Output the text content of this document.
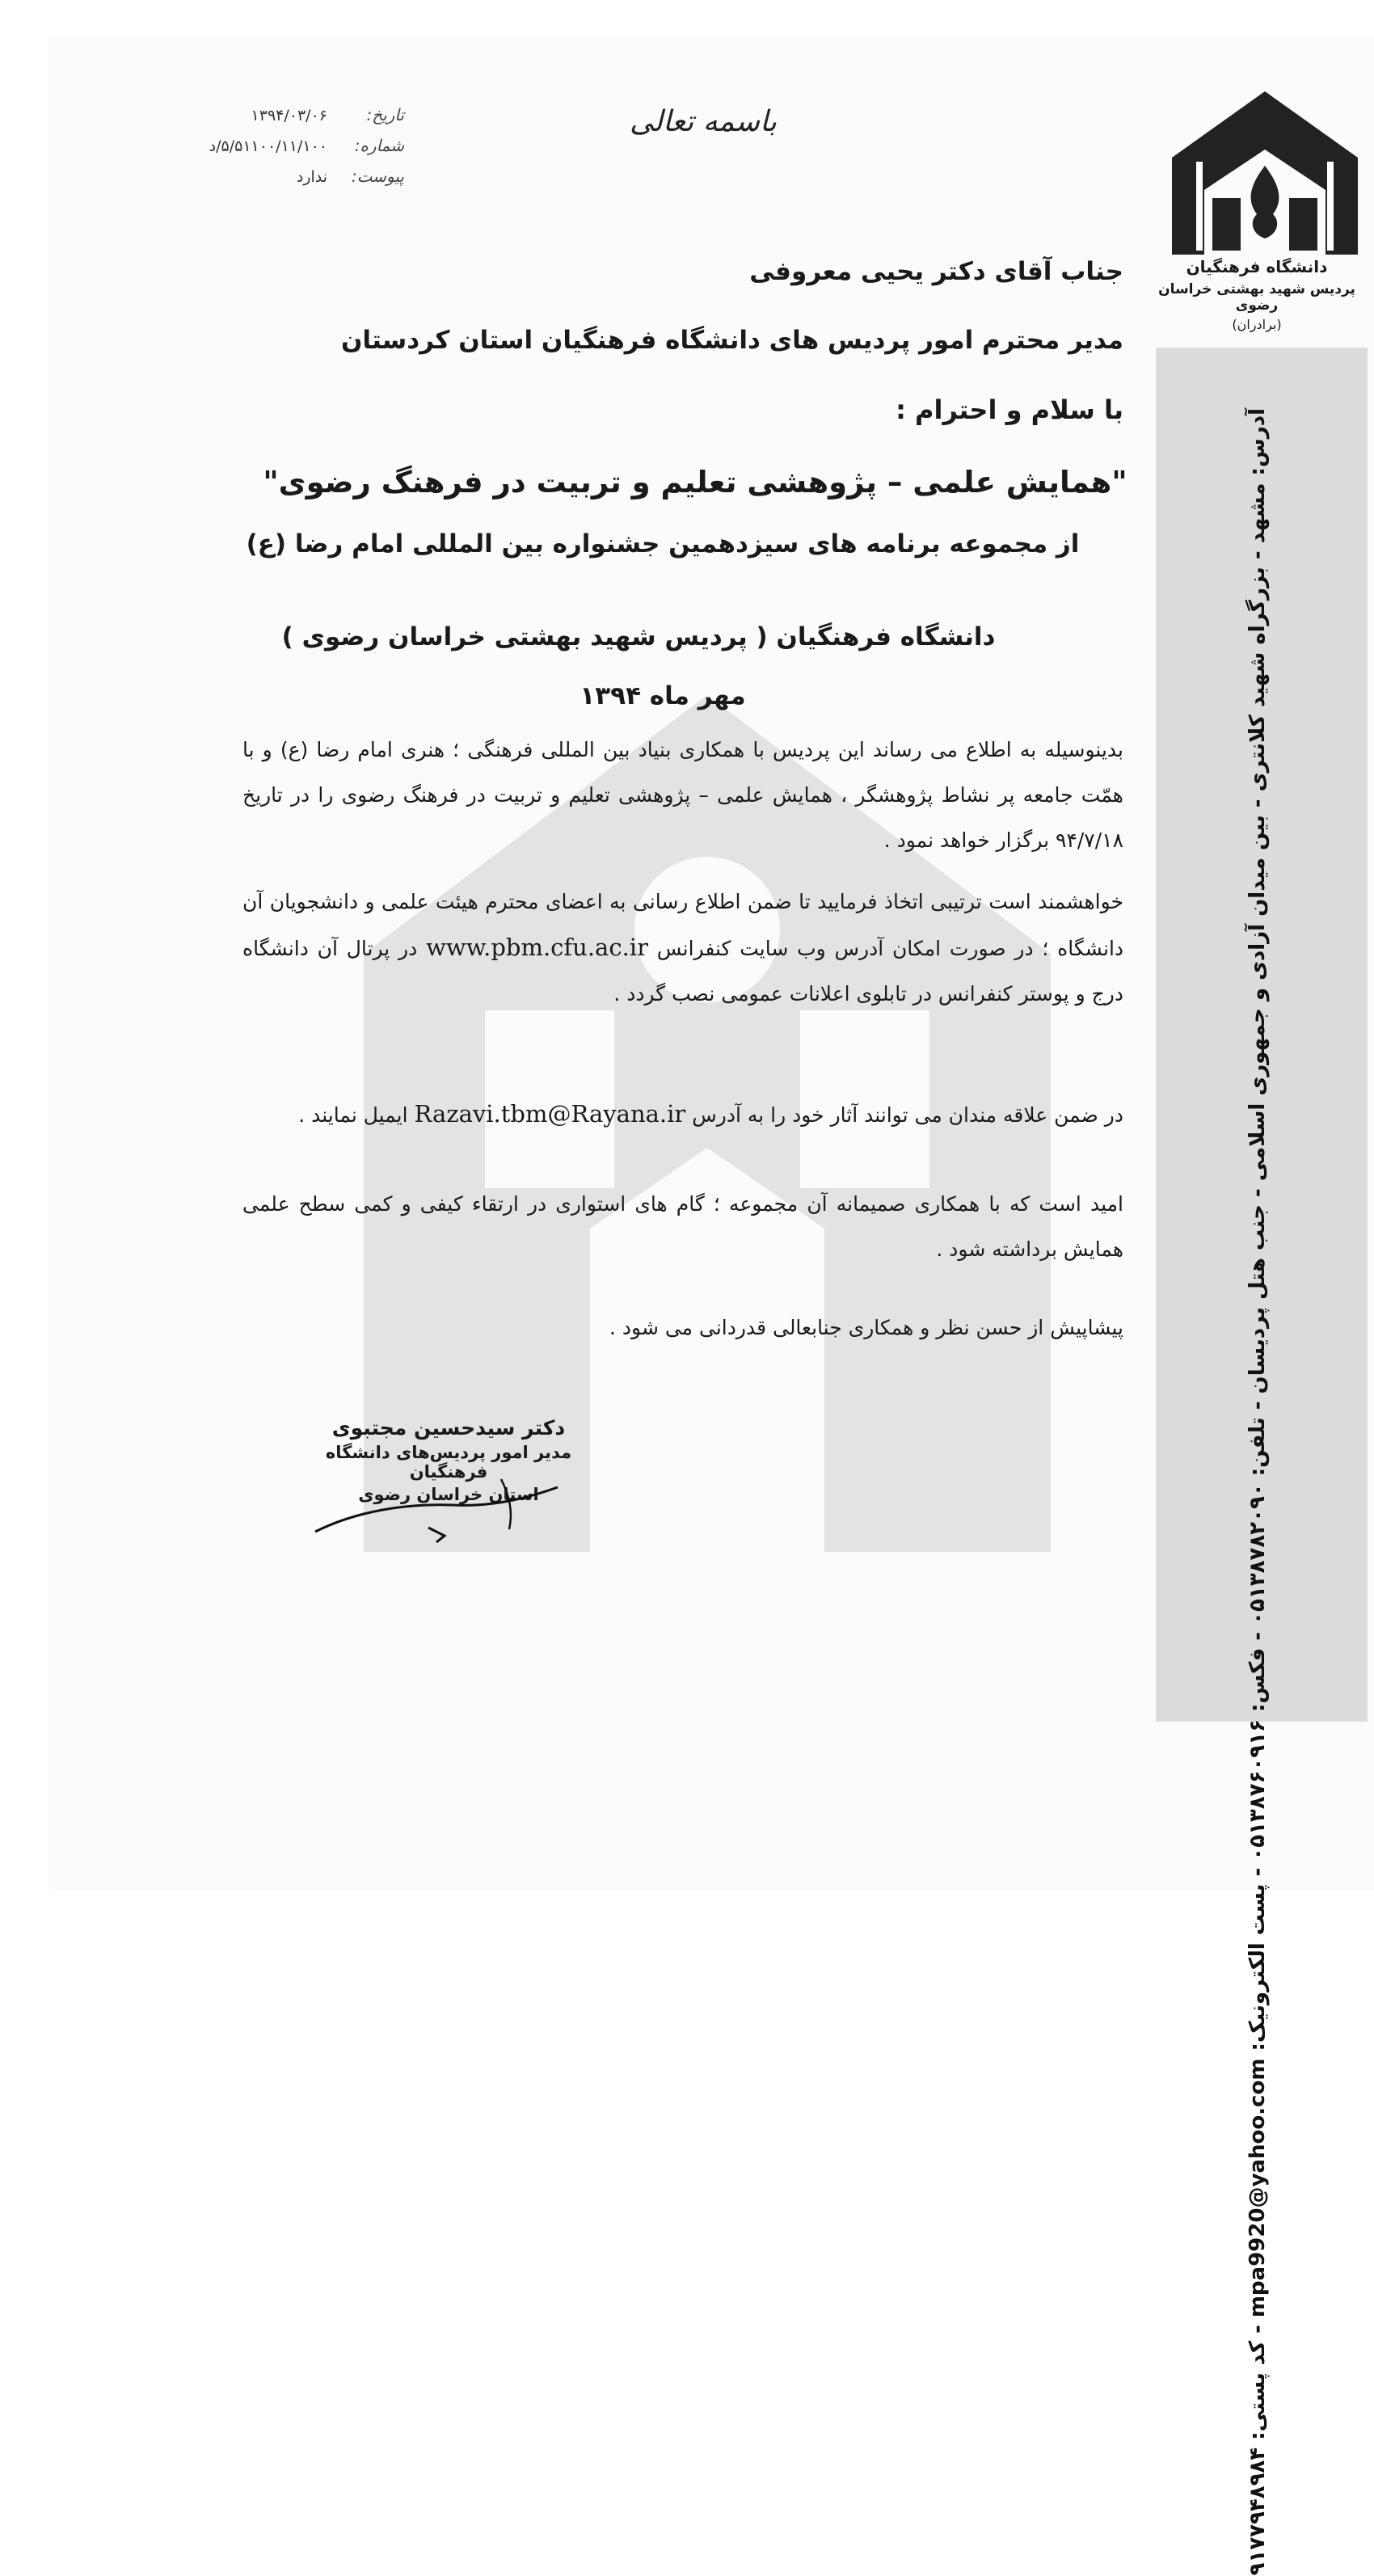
آدرس: مشهد - بزرگراه شهید کلانتری - بین میدان آزادی و جمهوری اسلامی - جنب هتل پردیسان - تلفن: ۰۵۱۳۸۷۸۲۰۹۰ - فکس: ۰۵۱۳۸۷۶۰۹۱۶ - پست الکترونیک: mpa9920@yahoo.com - کد پستی: ۹۱۷۷۹۴۸۹۸۴
دانشگاه فرهنگیان
پردیس شهید بهشتی خراسان رضوی
(برادران)
باسمه تعالی
تاریخ:
۱۳۹۴/۰۳/۰۶
شماره:
۵/۵۱۱۰۰/۱۱/۱۰۰/د
پیوست:
ندارد
جناب آقای دکتر یحیی معروفی
مدیر محترم امور پردیس های دانشگاه فرهنگیان استان کردستان
با سلام و احترام :
"همایش علمی – پژوهشی تعلیم و تربیت در فرهنگ رضوی"
از مجموعه برنامه های سیزدهمین جشنواره بین المللی امام رضا (ع)
دانشگاه فرهنگیان ( پردیس شهید بهشتی خراسان رضوی )
مهر ماه ۱۳۹۴

بدینوسیله به اطلاع می رساند این پردیس با همکاری بنیاد بین المللی فرهنگی ؛ هنری امام رضا (ع) و با همّت جامعه پر نشاط پژوهشگر ، همایش علمی – پژوهشی تعلیم و تربیت در فرهنگ رضوی را در تاریخ ۹۴/۷/۱۸ برگزار خواهد نمود .

خواهشمند است ترتیبی اتخاذ فرمایید تا ضمن اطلاع رسانی به اعضای محترم هیئت علمی و دانشجویان آن دانشگاه ؛ در صورت امکان آدرس وب سایت کنفرانس www.pbm.cfu.ac.ir در پرتال آن دانشگاه درج و پوستر کنفرانس در تابلوی اعلانات عمومی نصب گردد .

در ضمن علاقه مندان می توانند آثار خود را به آدرس Razavi.tbm@Rayana.ir ایمیل نمایند .

امید است که با همکاری صمیمانه آن مجموعه ؛ گام های استواری در ارتقاء کیفی و کمی سطح علمی همایش برداشته شود .

پیشاپیش از حسن نظر و همکاری جنابعالی قدردانی می شود .

دکتر سیدحسین مجتبوی
مدیر امور پردیس‌های دانشگاه فرهنگیان
استان خراسان رضوی
